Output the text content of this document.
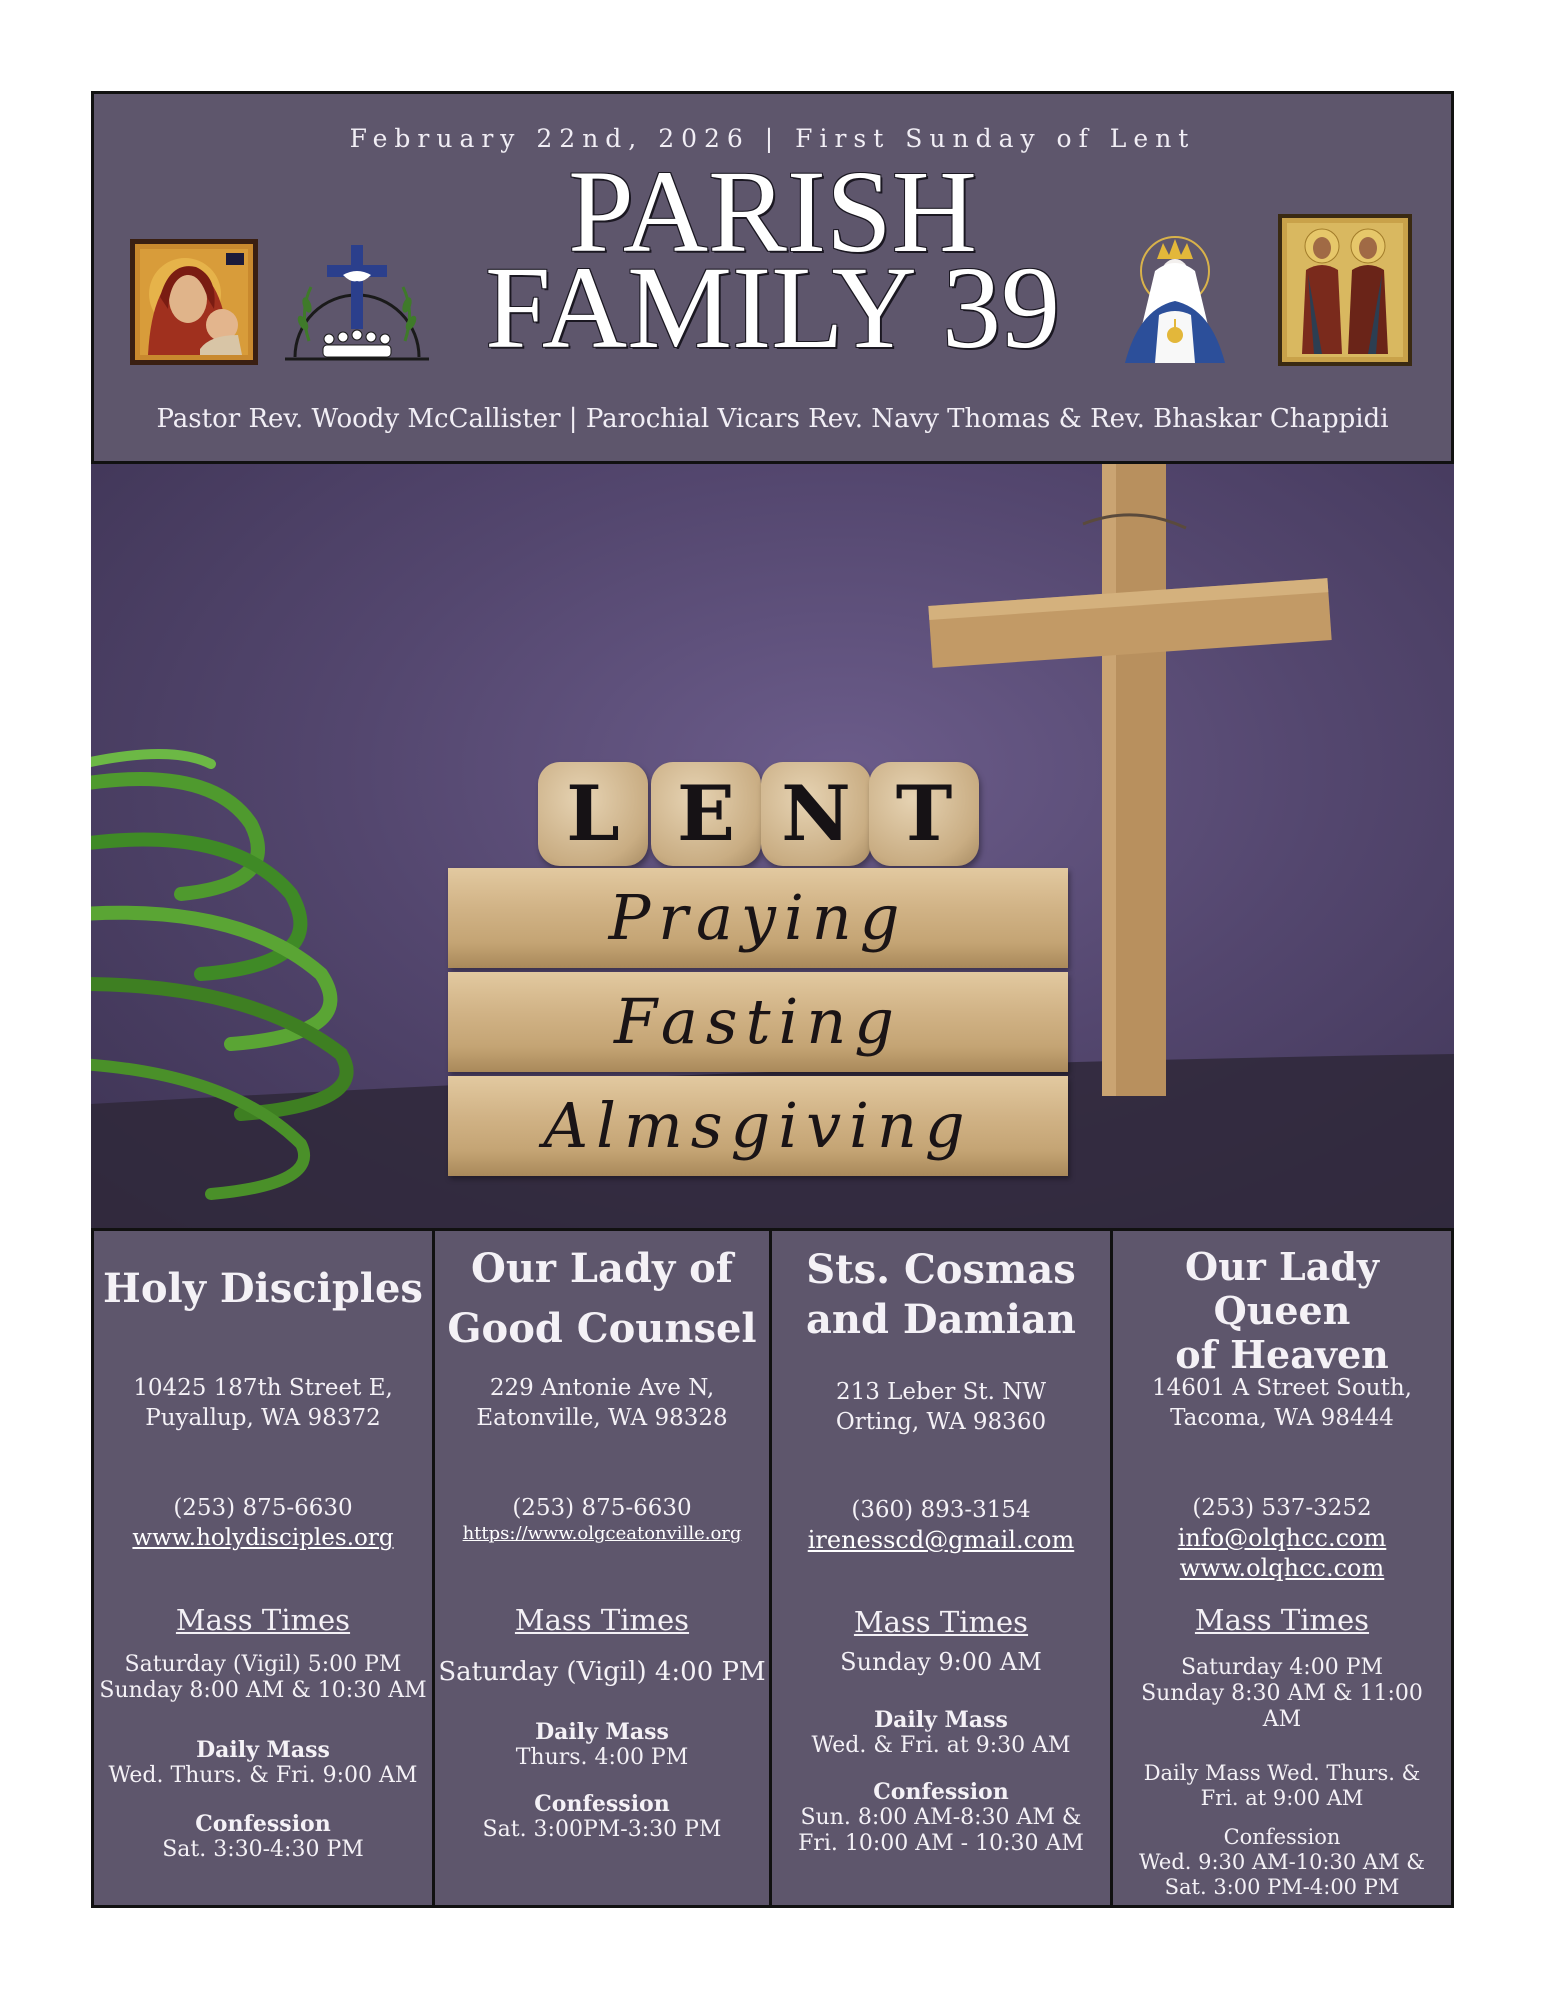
February 22nd, 2026 | First Sunday of Lent
PARISH
FAMILY 39
Pastor Rev. Woody McCallister | Parochial Vicars Rev. Navy Thomas & Rev. Bhaskar Chappidi
L E N T
Praying
Fasting
Almsgiving
Holy Disciples
10425 187th Street E,
Puyallup, WA 98372
(253) 875-6630
www.holydisciples.org
Mass Times
Saturday (Vigil) 5:00 PM
Sunday 8:00 AM & 10:30 AM
Daily Mass
Wed. Thurs. & Fri. 9:00 AM
Confession
Sat. 3:30-4:30 PM
Our Lady of
Good Counsel
229 Antonie Ave N,
Eatonville, WA 98328
(253) 875-6630
https://www.olgceatonville.org
Mass Times
Saturday (Vigil) 4:00 PM
Daily Mass
Thurs. 4:00 PM
Confession
Sat. 3:00PM-3:30 PM
Sts. Cosmas
and Damian
213 Leber St. NW
Orting, WA 98360
(360) 893-3154
irenesscd@gmail.com
Mass Times
Sunday 9:00 AM
Daily Mass
Wed. & Fri. at 9:30 AM
Confession
Sun. 8:00 AM-8:30 AM &
Fri. 10:00 AM - 10:30 AM
Our Lady Queen
of Heaven
14601 A Street South,
Tacoma, WA 98444
(253) 537-3252
info@olqhcc.com
www.olqhcc.com
Mass Times
Saturday 4:00 PM
Sunday 8:30 AM & 11:00
AM
Daily Mass Wed. Thurs. &
Fri. at 9:00 AM
Confession
Wed. 9:30 AM-10:30 AM &
Sat. 3:00 PM-4:00 PM
